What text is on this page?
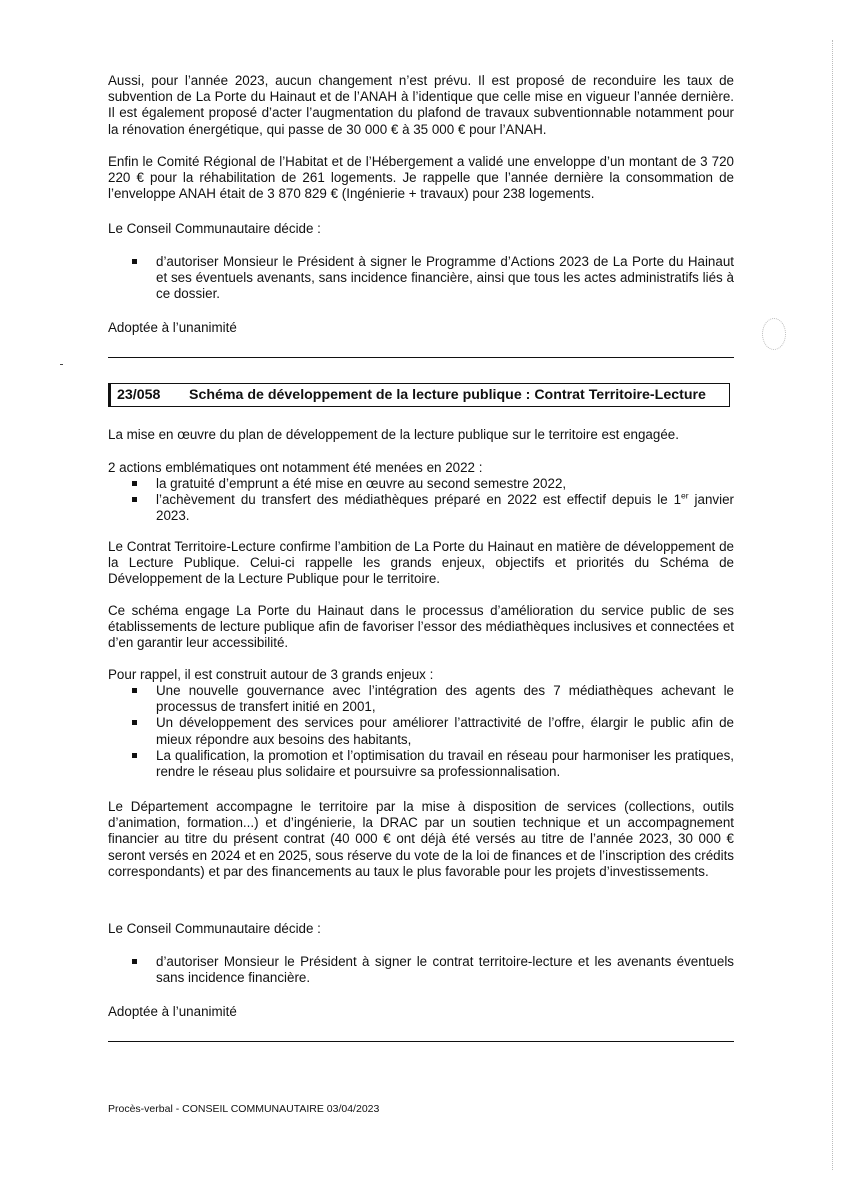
Aussi, pour l’année 2023, aucun changement n’est prévu. Il est proposé de reconduire les taux de subvention de La Porte du Hainaut et de l’ANAH à l’identique que celle mise en vigueur l’année dernière. Il est également proposé d’acter l’augmentation du plafond de travaux subventionnable notamment pour la rénovation énergétique, qui passe de 30 000 € à 35 000 € pour l’ANAH.

Enfin le Comité Régional de l’Habitat et de l’Hébergement a validé une enveloppe d’un montant de 3 720 220 € pour la réhabilitation de 261 logements. Je rappelle que l’année dernière la consommation de l’enveloppe ANAH était de 3 870 829 € (Ingénierie + travaux) pour 238 logements.

Le Conseil Communautaire décide :

d’autoriser Monsieur le Président à signer le Programme d’Actions 2023 de La Porte du Hainaut et ses éventuels avenants, sans incidence financière, ainsi que tous les actes administratifs liés à ce dossier.

Adoptée à l’unanimité

23/058	Schéma de développement de la lecture publique : Contrat Territoire-Lecture

La mise en œuvre du plan de développement de la lecture publique sur le territoire est engagée.

2 actions emblématiques ont notamment été menées en 2022 :

la gratuité d’emprunt a été mise en œuvre au second semestre 2022,
l’achèvement du transfert des médiathèques préparé en 2022 est effectif depuis le 1er janvier 2023.

Le Contrat Territoire-Lecture confirme l’ambition de La Porte du Hainaut en matière de développement de la Lecture Publique. Celui-ci rappelle les grands enjeux, objectifs et priorités du Schéma de Développement de la Lecture Publique pour le territoire.

Ce schéma engage La Porte du Hainaut dans le processus d’amélioration du service public de ses établissements de lecture publique afin de favoriser l’essor des médiathèques inclusives et connectées et d’en garantir leur accessibilité.

Pour rappel, il est construit autour de 3 grands enjeux :

Une nouvelle gouvernance avec l’intégration des agents des 7 médiathèques achevant le processus de transfert initié en 2001,
Un développement des services pour améliorer l’attractivité de l’offre, élargir le public afin de mieux répondre aux besoins des habitants,
La qualification, la promotion et l’optimisation du travail en réseau pour harmoniser les pratiques, rendre le réseau plus solidaire et poursuivre sa professionnalisation.

Le Département accompagne le territoire par la mise à disposition de services (collections, outils d’animation, formation...) et d’ingénierie, la DRAC par un soutien technique et un accompagnement financier au titre du présent contrat (40 000 € ont déjà été versés au titre de l’année 2023, 30 000 € seront versés en 2024 et en 2025, sous réserve du vote de la loi de finances et de l’inscription des crédits correspondants) et par des financements au taux le plus favorable pour les projets d’investissements.

Le Conseil Communautaire décide :

d’autoriser Monsieur le Président à signer le contrat territoire-lecture et les avenants éventuels sans incidence financière.

Adoptée à l’unanimité

Procès-verbal - CONSEIL COMMUNAUTAIRE 03/04/2023
